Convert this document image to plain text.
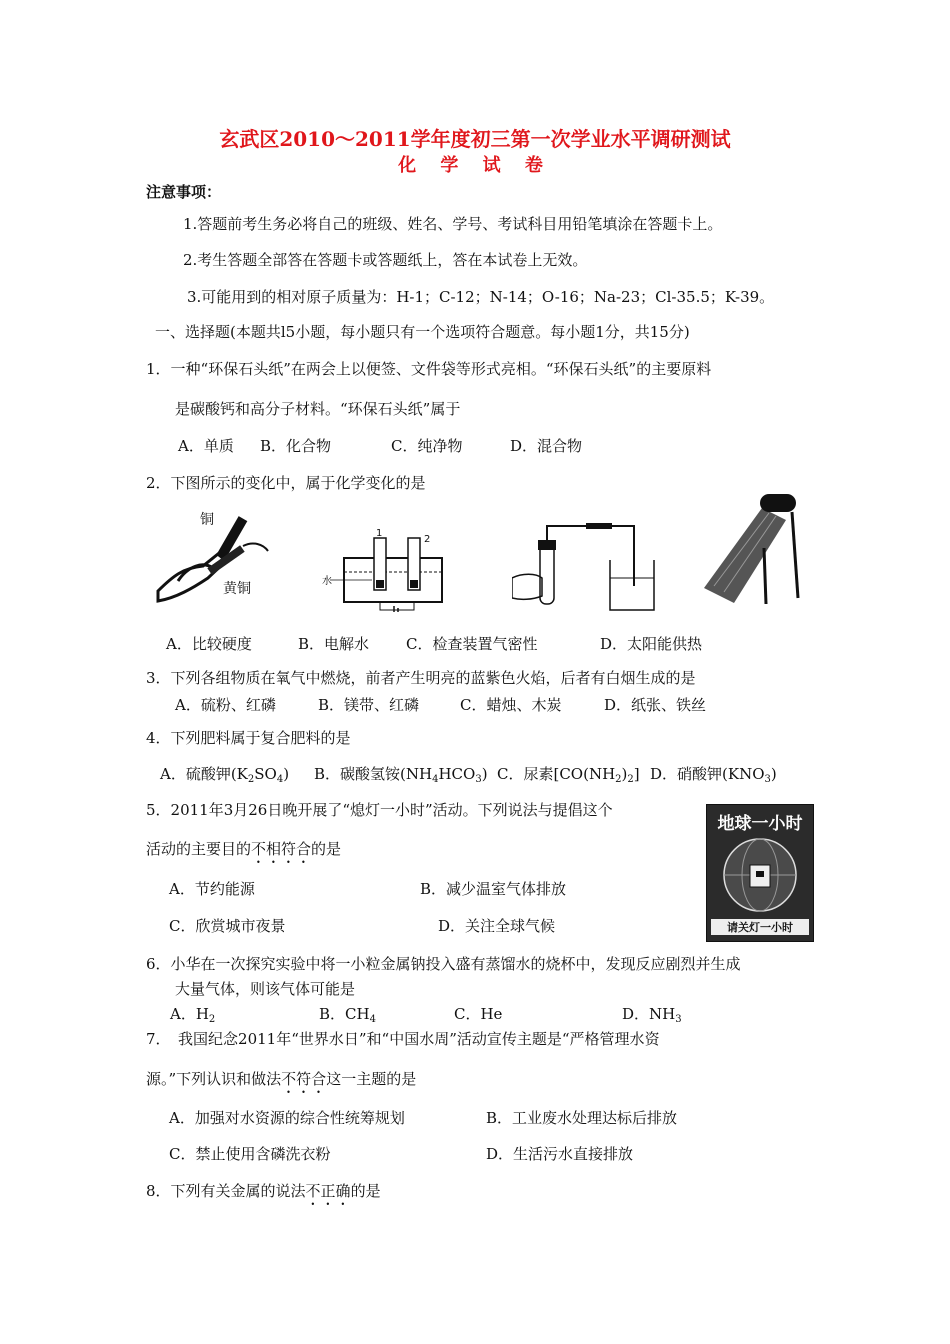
玄武区2010～2011学年度初三第一次学业水平调研测试
化 学 试 卷
注意事项：
1.答题前考生务必将自己的班级、姓名、学号、考试科目用铅笔填涂在答题卡上。
2.考生答题全部答在答题卡或答题纸上，答在本试卷上无效。
3.可能用到的相对原子质量为：H-1；C-12；N-14；O-16；Na-23；Cl-35.5；K-39。
一、选择题(本题共l5小题，每小题只有一个选项符合题意。每小题1分，共15分)
1．一种“环保石头纸”在两会上以便签、文件袋等形式亮相。“环保石头纸”的主要原料
是碳酸钙和高分子材料。“环保石头纸”属于
A．单质 B．化合物	C．纯净物	D．混合物
2．下图所示的变化中，属于化学变化的是
铜
黄铜	水
1
2
A．比较硬度	B．电解水 C．检查装置气密性	D．太阳能供热
3．下列各组物质在氧气中燃烧，前者产生明亮的蓝紫色火焰，后者有白烟生成的是
A．硫粉、红磷	B．镁带、红磷	C．蜡烛、木炭	D．纸张、铁丝
4．下列肥料属于复合肥料的是
A．硫酸钾$(K_2SO_4)$ B．碳酸氢铵$(NH_4HCO_3)$ C．尿素$[CO(NH_2)_2]$ D．硝酸钾$(KNO_3)$
5．2011年3月26日晚开展了“熄灯一小时”活动。下列说法与提倡这个
活动的主要目的不相符合的是
A．节约能源	B．减少温室气体排放
C．欣赏城市夜景	D．关注全球气候
地球一小时
请关灯一小时
6．小华在一次探究实验中将一小粒金属钠投入盛有蒸馏水的烧杯中，发现反应剧烈并生成
大量气体，则该气体可能是
A．$H_2$	B．$CH_4$	C．He	D．$NH_3$
7．　我国纪念2011年“世界水日”和“中国水周”活动宣传主题是“严格管理水资
源。”下列认识和做法不符合这一主题的是
A．加强对水资源的综合性统筹规划	B．工业废水处理达标后排放
C．禁止使用含磷洗衣粉	D．生活污水直接排放
8．下列有关金属的说法不正确的是
